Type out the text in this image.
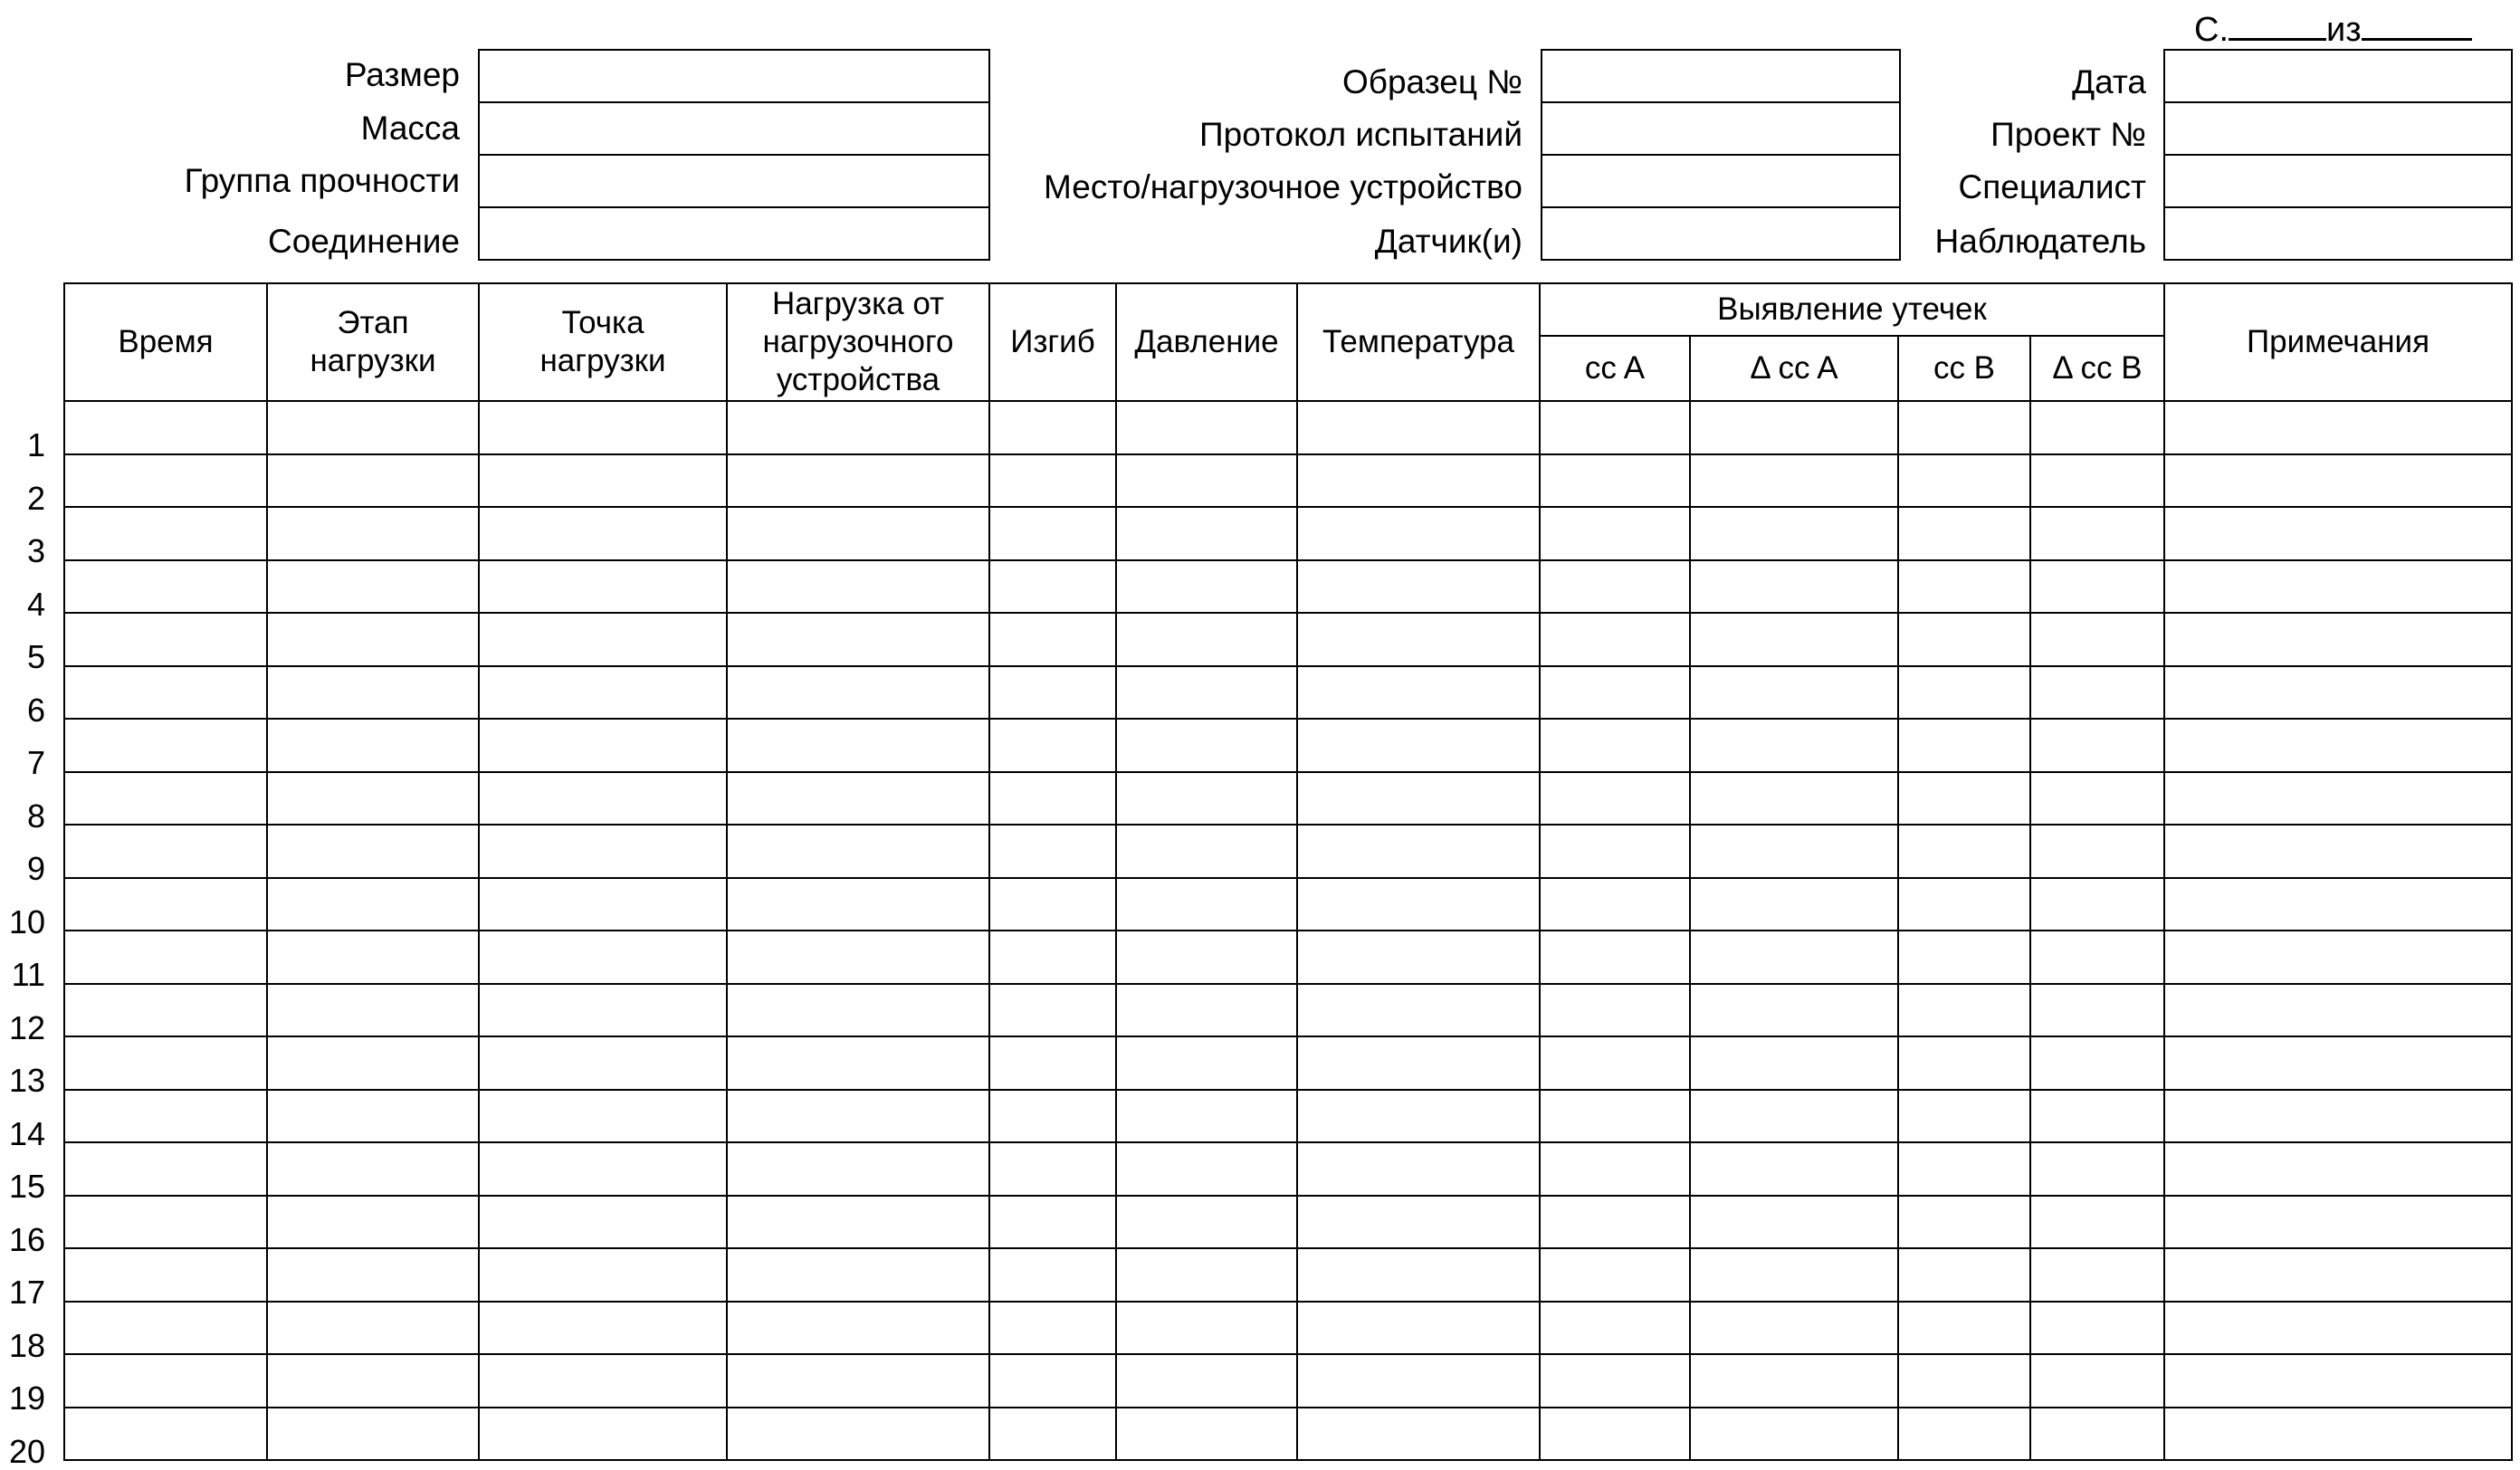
С.	из
Размер
Масса
Группа прочности
Соединение
Образец №
Протокол испытаний
Место/нагрузочное устройство
Датчик(и)
Дата
Проект №
Специалист
Наблюдатель
Время	Этап нагрузки	Точка нагрузки	Нагрузка от нагрузочного устройства	Изгиб	Давление	Температура	Выявление утечек				Примечания
							cc A	Δ cc A	cc B	Δ cc B	

1
2
3
4
5
6
7
8
9
10
11
12
13
14
15
16
17
18
19
20
